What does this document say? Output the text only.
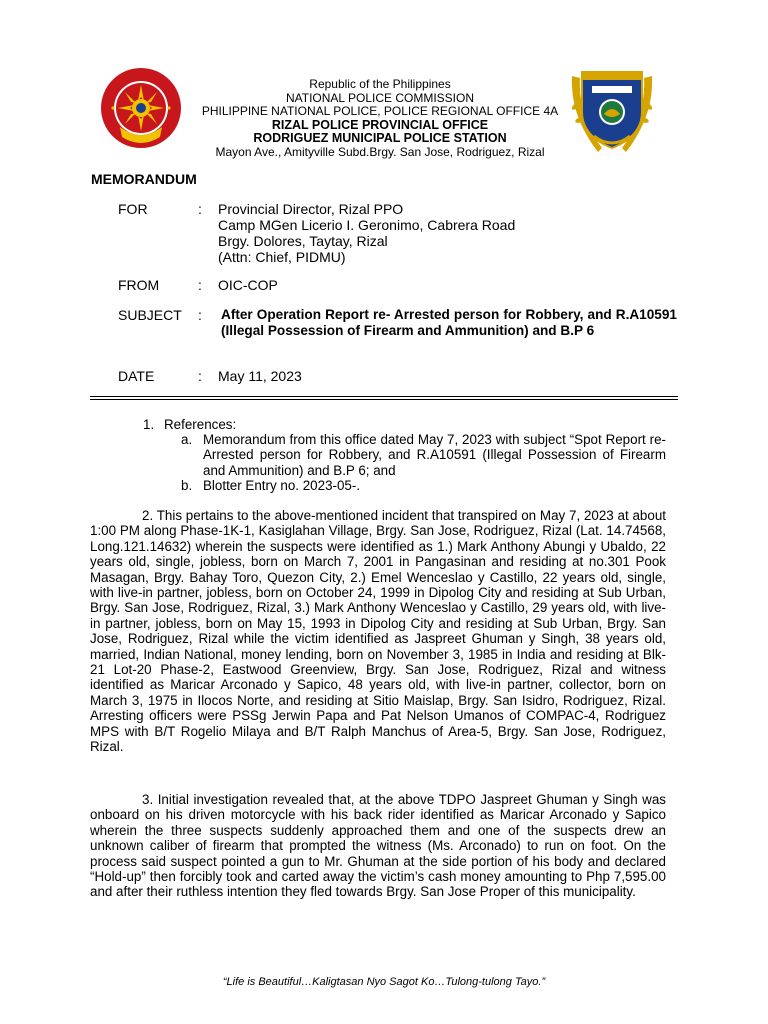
Republic of the Philippines
NATIONAL POLICE COMMISSION
PHILIPPINE NATIONAL POLICE, POLICE REGIONAL OFFICE 4A
RIZAL POLICE PROVINCIAL OFFICE
RODRIGUEZ MUNICIPAL POLICE STATION
Mayon Ave., Amityville Subd.Brgy. San Jose, Rodriguez, Rizal
MEMORANDUM
FOR	: Provincial Director, Rizal PPO
Camp MGen Licerio I. Geronimo, Cabrera Road
Brgy. Dolores, Taytay, Rizal
(Attn: Chief, PIDMU)
FROM	: OIC-COP
SUBJECT : After Operation Report re- Arrested person for Robbery, and R.A10591 (Illegal Possession of Firearm and Ammunition) and B.P 6
DATE	: May 11, 2023
1. References:
a. Memorandum from this office dated May 7, 2023 with subject “Spot Report re- Arrested person for Robbery, and R.A10591 (Illegal Possession of Firearm and Ammunition) and B.P 6; and
b. Blotter Entry no. 2023-05-.
2. This pertains to the above-mentioned incident that transpired on May 7, 2023 at about 1:00 PM along Phase-1K-1, Kasiglahan Village, Brgy. San Jose, Rodriguez, Rizal (Lat. 14.74568, Long.121.14632) wherein the suspects were identified as 1.) Mark Anthony Abungi y Ubaldo, 22 years old, single, jobless, born on March 7, 2001 in Pangasinan and residing at no.301 Pook Masagan, Brgy. Bahay Toro, Quezon City, 2.) Emel Wenceslao y Castillo, 22 years old, single, with live-in partner, jobless, born on October 24, 1999 in Dipolog City and residing at Sub Urban, Brgy. San Jose, Rodriguez, Rizal, 3.) Mark Anthony Wenceslao y Castillo, 29 years old, with live-in partner, jobless, born on May 15, 1993 in Dipolog City and residing at Sub Urban, Brgy. San Jose, Rodriguez, Rizal while the victim identified as Jaspreet Ghuman y Singh, 38 years old, married, Indian National, money lending, born on November 3, 1985 in India and residing at Blk-21 Lot-20 Phase-2, Eastwood Greenview, Brgy. San Jose, Rodriguez, Rizal and witness identified as Maricar Arconado y Sapico, 48 years old, with live-in partner, collector, born on March 3, 1975 in Ilocos Norte, and residing at Sitio Maislap, Brgy. San Isidro, Rodriguez, Rizal. Arresting officers were PSSg Jerwin Papa and Pat Nelson Umanos of COMPAC-4, Rodriguez MPS with B/T Rogelio Milaya and B/T Ralph Manchus of Area-5, Brgy. San Jose, Rodriguez, Rizal.
3. Initial investigation revealed that, at the above TDPO Jaspreet Ghuman y Singh was onboard on his driven motorcycle with his back rider identified as Maricar Arconado y Sapico wherein the three suspects suddenly approached them and one of the suspects drew an unknown caliber of firearm that prompted the witness (Ms. Arconado) to run on foot. On the process said suspect pointed a gun to Mr. Ghuman at the side portion of his body and declared “Hold-up” then forcibly took and carted away the victim’s cash money amounting to Php 7,595.00 and after their ruthless intention they fled towards Brgy. San Jose Proper of this municipality.
“Life is Beautiful…Kaligtasan Nyo Sagot Ko…Tulong-tulong Tayo.”
